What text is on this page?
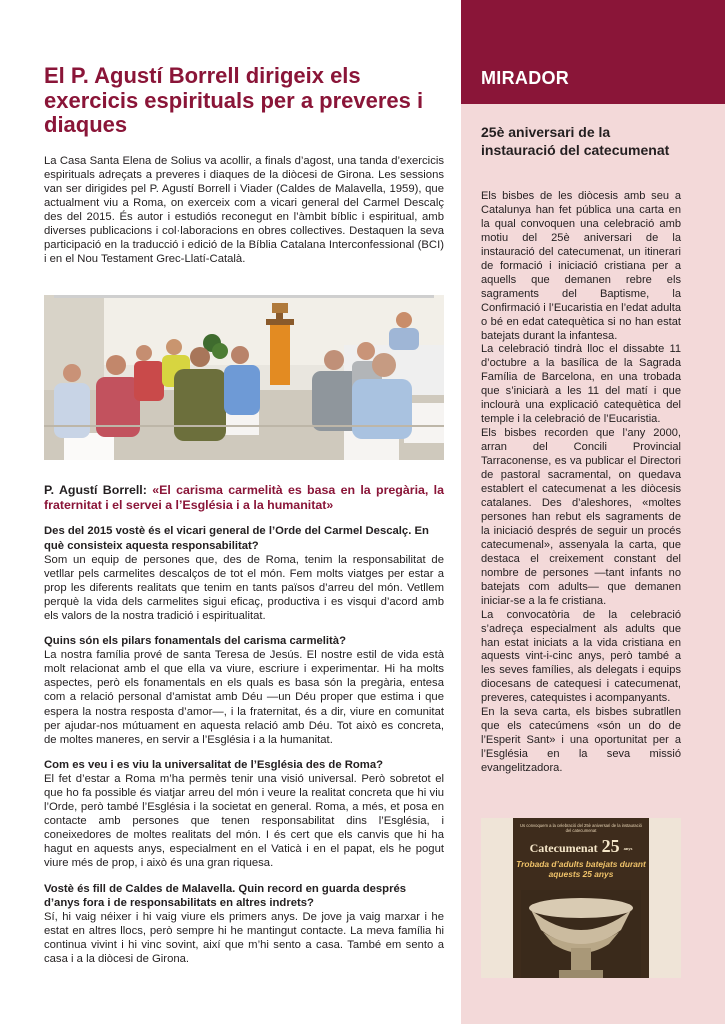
El P. Agustí Borrell dirigeix els exercicis espirituals per a preveres i diaques

La Casa Santa Elena de Solius va acollir, a finals d’agost, una tanda d’exercicis espirituals adreçats a preveres i diaques de la diòcesi de Girona. Les sessions van ser dirigides pel P. Agustí Borrell i Viader (Caldes de Malavella, 1959), que actualment viu a Roma, on exerceix com a vicari general del Carmel Descalç des del 2015. És autor i estudiós reconegut en l’àmbit bíblic i espiritual, amb diverses publicacions i col·laboracions en obres collectives. Destaquen la seva participació en la traducció i edició de la Bíblia Catalana Interconfessional (BCI) i en el Nou Testament Grec-Llatí-Català.

P. Agustí Borrell: «El carisma carmelità es basa en la pregària, la fraternitat i el servei a l’Església i a la humanitat»

Des del 2015 vostè és el vicari general de l’Orde del Carmel Descalç. En què consisteix aquesta responsabilitat?

Som un equip de persones que, des de Roma, tenim la responsabilitat de vetllar pels carmelites descalços de tot el món. Fem molts viatges per estar a prop les diferents realitats que tenim en tants països d’arreu del món. Vetllem perquè la vida dels carmelites sigui eficaç, productiva i es visqui d’acord amb els valors de la nostra tradició i espiritualitat.

Quins són els pilars fonamentals del carisma carmelità?

La nostra família prové de santa Teresa de Jesús. El nostre estil de vida està molt relacionat amb el que ella va viure, escriure i experimentar. Hi ha molts aspectes, però els fonamentals en els quals es basa són la pregària, entesa com a relació personal d’amistat amb Déu —un Déu proper que estima i que espera la nostra resposta d’amor—, i la fraternitat, és a dir, viure en comunitat per ajudar-nos mútuament en aquesta relació amb Déu. Tot això es concreta, de moltes maneres, en servir a l’Església i a la humanitat.

Com es veu i es viu la universalitat de l’Església des de Roma?

El fet d’estar a Roma m’ha permès tenir una visió universal. Però sobretot el que ho fa possible és viatjar arreu del món i veure la realitat concreta que hi viu l’Orde, però també l’Església i la societat en general. Roma, a més, et posa en contacte amb persones que tenen responsabilitat dins l’Església, i coneixedores de moltes realitats del món. I és cert que els canvis que hi ha hagut en aquests anys, especialment en el Vaticà i en el papat, els he pogut viure més de prop, i això és una gran riquesa.

Vostè és fill de Caldes de Malavella. Quin record en guarda després d’anys fora i de responsabilitats en altres indrets?

Sí, hi vaig néixer i hi vaig viure els primers anys. De jove ja vaig marxar i he estat en altres llocs, però sempre hi he mantingut contacte. La meva família hi continua vivint i hi vinc sovint, així que m’hi sento a casa. També em sento a casa i a la diòcesi de Girona.

MIRADOR
25è aniversari de la instauració del catecumenat

Els bisbes de les diòcesis amb seu a Catalunya han fet pública una carta en la qual convoquen una celebració amb motiu del 25è aniversari de la instauració del catecumenat, un itinerari de formació i iniciació cristiana per a aquells que demanen rebre els sagraments del Baptisme, la Confirmació i l’Eucaristia en l’edat adulta o bé en edat catequètica si no han estat batejats durant la infantesa.

La celebració tindrà lloc el dissabte 11 d’octubre a la basílica de la Sagrada Família de Barcelona, en una trobada que s’iniciarà a les 11 del matí i que inclourà una explicació catequètica del temple i la celebració de l’Eucaristia.

Els bisbes recorden que l’any 2000, arran del Concili Provincial Tarraconense, es va publicar el Directori de pastoral sacramental, on quedava establert el catecumenat a les diòcesis catalanes. Des d’aleshores, «moltes persones han rebut els sagraments de la iniciació després de seguir un procés catecumenal», assenyala la carta, que destaca el creixement constant del nombre de persones —tant infants no batejats com adults— que demanen iniciar-se a la fe cristiana.

La convocatòria de la celebració s’adreça especialment als adults que han estat iniciats a la vida cristiana en aquests vint-i-cinc anys, però també a les seves famílies, als delegats i equips diocesans de catequesi i catecumenat, preveres, catequistes i acompanyants.

En la seva carta, els bisbes subratllen que els catecúmens «són un do de l’Esperit Sant» i una oportunitat per a l’Església en la seva missió evangelitzadora.

Us convoquem a la celebració del 25è aniversari de la instauració del catecumenat
Catecumenat 25 anys
Trobada d’adults batejats durant aquests 25 anys
